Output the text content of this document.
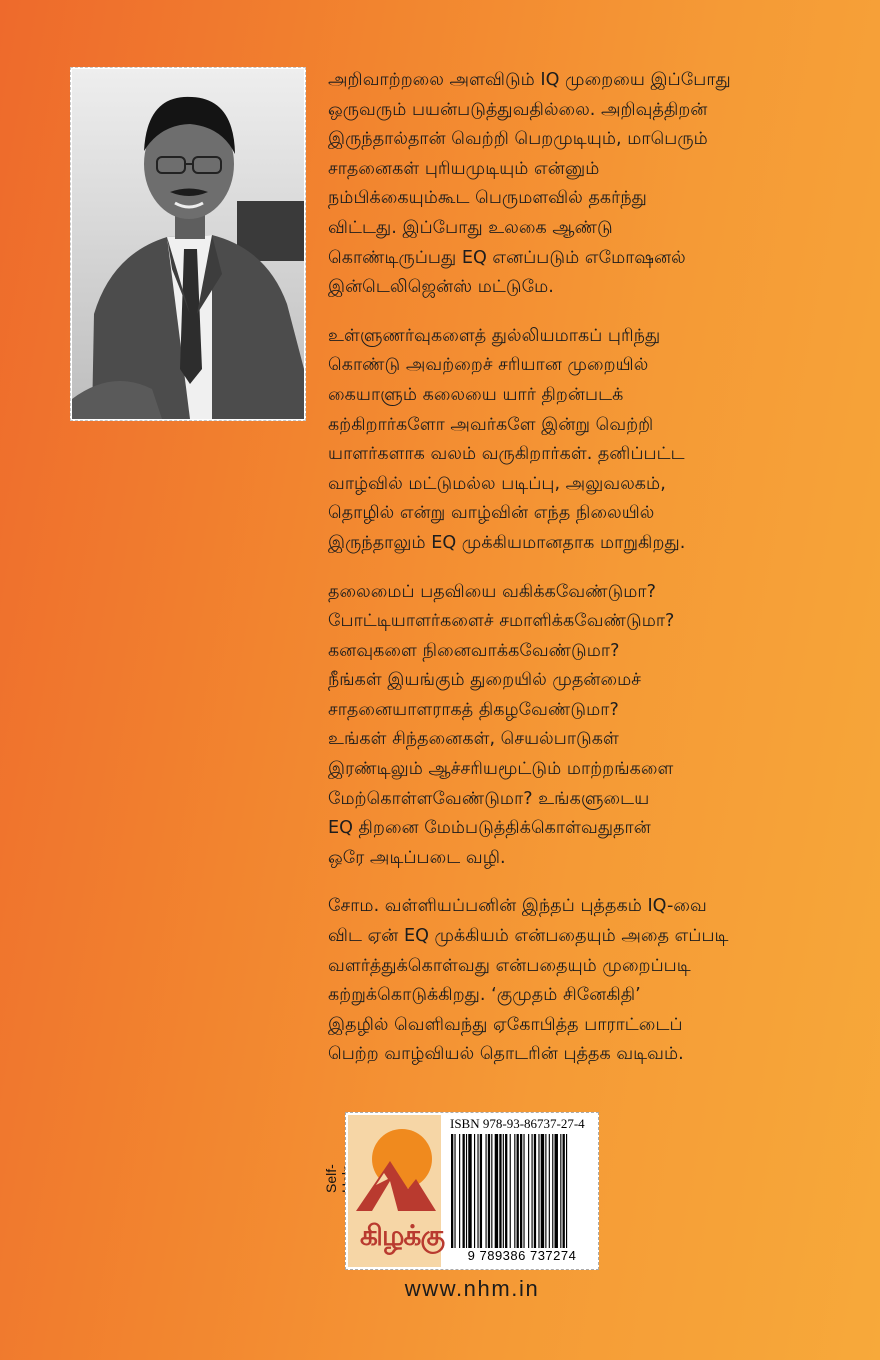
அறிவாற்றலை அளவிடும் IQ முறையை இப்போது
ஒருவரும் பயன்படுத்துவதில்லை. அறிவுத்திறன்
இருந்தால்தான் வெற்றி பெறமுடியும், மாபெரும்
சாதனைகள் புரியமுடியும் என்னும்
நம்பிக்கையும்கூட பெருமளவில் தகர்ந்து
விட்டது. இப்போது உலகை ஆண்டு
கொண்டிருப்பது EQ எனப்படும் எமோஷனல்
இன்டெலிஜென்ஸ் மட்டுமே.

உள்ளுணர்வுகளைத் துல்லியமாகப் புரிந்து
கொண்டு அவற்றைச் சரியான முறையில்
கையாளும் கலையை யார் திறன்படக்
கற்கிறார்களோ அவர்களே இன்று வெற்றி
யாளர்களாக வலம் வருகிறார்கள். தனிப்பட்ட
வாழ்வில் மட்டுமல்ல படிப்பு, அலுவலகம்,
தொழில் என்று வாழ்வின் எந்த நிலையில்
இருந்தாலும் EQ முக்கியமானதாக மாறுகிறது.

தலைமைப் பதவியை வகிக்கவேண்டுமா?
போட்டியாளர்களைச் சமாளிக்கவேண்டுமா?
கனவுகளை நினைவாக்கவேண்டுமா?
நீங்கள் இயங்கும் துறையில் முதன்மைச்
சாதனையாளராகத் திகழவேண்டுமா?
உங்கள் சிந்தனைகள், செயல்பாடுகள்
இரண்டிலும் ஆச்சரியமூட்டும் மாற்றங்களை
மேற்கொள்ளவேண்டுமா? உங்களுடைய
EQ திறனை மேம்படுத்திக்கொள்வதுதான்
ஒரே அடிப்படை வழி.

சோம. வள்ளியப்பனின் இந்தப் புத்தகம் IQ-வை
விட ஏன் EQ முக்கியம் என்பதையும் அதை எப்படி
வளர்த்துக்கொள்வது என்பதையும் முறைப்படி
கற்றுக்கொடுக்கிறது. ‘குமுதம் சினேகிதி’
இதழில் வெளிவந்து ஏகோபித்த பாராட்டைப்
பெற்ற வாழ்வியல் தொடரின் புத்தக வடிவம்.

Self-
கிழக்கு
ISBN 978-93-86737-27-4
9 789386 737274
www.nhm.in
